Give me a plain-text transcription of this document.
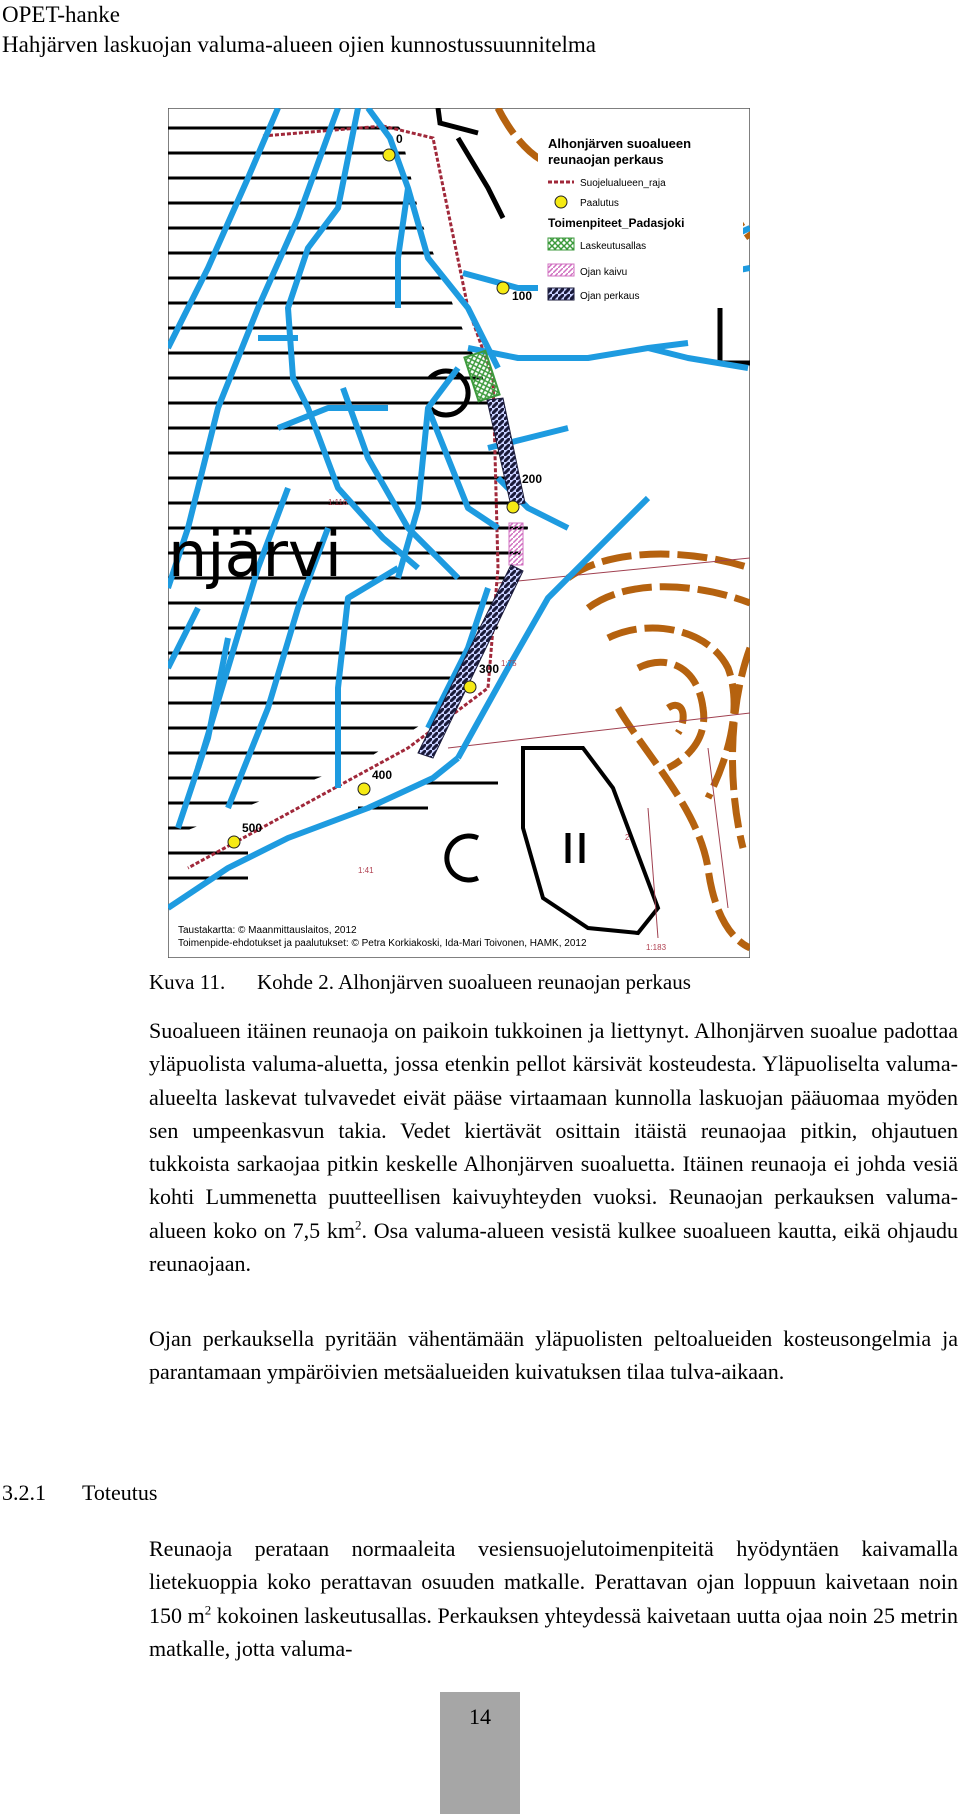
OPET-hanke
Hahjärven laskuojan valuma-alueen ojien kunnostussuunnitelma
njärvi
0
100
200
300
400
500
1:116
1:75
1:41
1:183
2
Alhonjärven suoalueen
reunaojan perkaus
Suojelualueen_raja
Paalutus
Toimenpiteet_Padasjoki
Laskeutusallas
Ojan kaivu
Ojan perkaus
Taustakartta: © Maanmittauslaitos, 2012
Toimenpide-ehdotukset ja paalutukset: © Petra Korkiakoski, Ida-Mari Toivonen, HAMK, 2012
Kuva 11. Kohde 2. Alhonjärven suoalueen reunaojan perkaus

Suoalueen itäinen reunaoja on paikoin tukkoinen ja liettynyt. Alhonjärven suoalue padottaa yläpuolista valuma-aluetta, jossa etenkin pellot kärsivät kosteudesta. Yläpuoliselta valuma-alueelta laskevat tulvavedet eivät pääse virtaamaan kunnolla laskuojan pääuomaa myöden sen umpeenkasvun takia. Vedet kiertävät osittain itäistä reunaojaa pitkin, ohjautuen tukkoista sarkaojaa pitkin keskelle Alhonjärven suoaluetta. Itäinen reunaoja ei johda vesiä kohti Lummenetta puutteellisen kaivuyhteyden vuoksi. Reunaojan perkauksen valuma-alueen koko on 7,5 $km^2$. Osa valuma-alueen vesistä kulkee suoalueen kautta, eikä ohjaudu reunaojaan.

Ojan perkauksella pyritään vähentämään yläpuolisten peltoalueiden kosteusongelmia ja parantamaan ympäröivien metsäalueiden kuivatuksen tilaa tulva-aikaan.

3.2.1 Toteutus

Reunaoja perataan normaaleita vesiensuojelutoimenpiteitä hyödyntäen kaivamalla lietekuoppia koko perattavan osuuden matkalle. Perattavan ojan loppuun kaivetaan noin 150 $m^2$ kokoinen laskeutusallas. Perkauksen yhteydessä kaivetaan uutta ojaa noin 25 metrin matkalle, jotta valuma-

14
